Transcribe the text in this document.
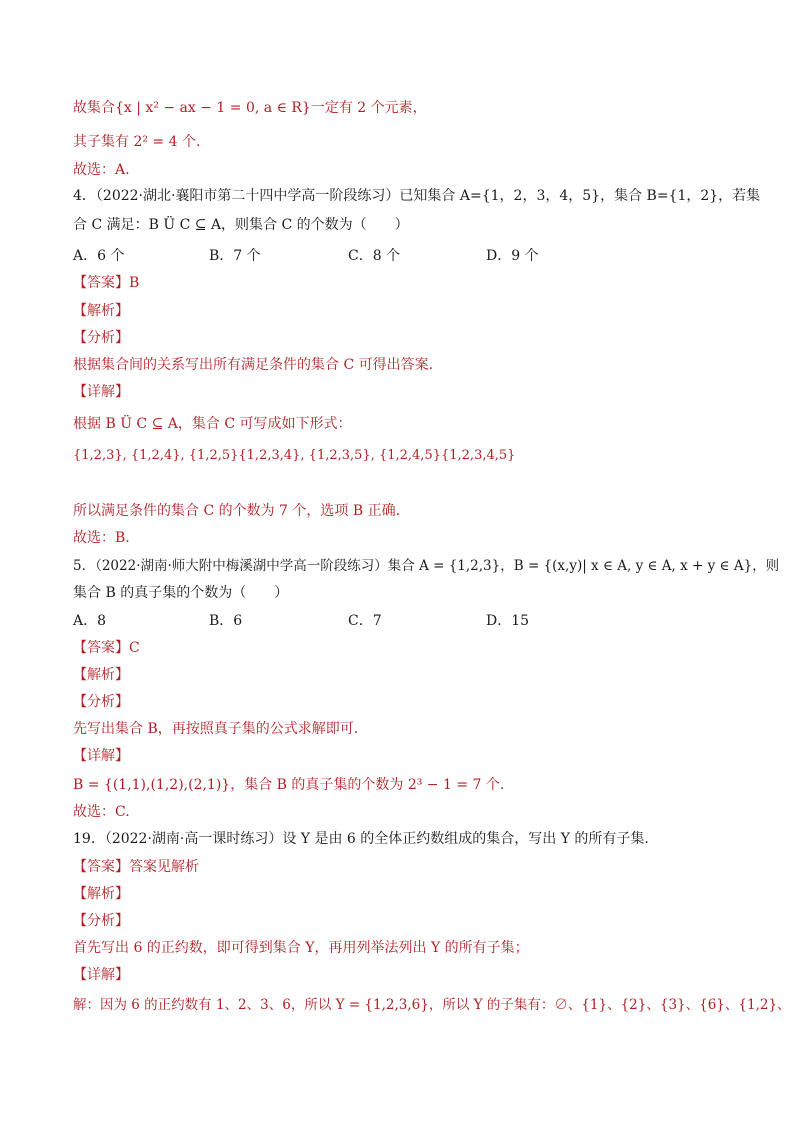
故集合{x | x² − ax − 1 = 0, a ∈ R}一定有 2 个元素，
其子集有 2² = 4 个.
故选：A.
4．（2022·湖北·襄阳市第二十四中学高一阶段练习）已知集合 A={1，2，3，4，5}，集合 B={1，2}，若集
合 C 满足：B Ü C ⊆ A，则集合 C 的个数为（　　）
A．6 个	B．7 个	C．8 个	D．9 个
【答案】B
【解析】
【分析】
根据集合间的关系写出所有满足条件的集合 C 可得出答案.
【详解】
根据 B Ü C ⊆ A，集合 C 可写成如下形式：
{1,2,3}, {1,2,4}, {1,2,5}{1,2,3,4}, {1,2,3,5}, {1,2,4,5}{1,2,3,4,5}
所以满足条件的集合 C 的个数为 7 个，选项 B 正确.
故选：B.
5．（2022·湖南·师大附中梅溪湖中学高一阶段练习）集合 A = {1,2,3}，B = {(x,y)| x ∈ A, y ∈ A, x + y ∈ A}，则
集合 B 的真子集的个数为（　　）
A．8	B．6	C．7	D．15
【答案】C
【解析】
【分析】
先写出集合 B，再按照真子集的公式求解即可.
【详解】
B = {(1,1),(1,2),(2,1)}，集合 B 的真子集的个数为 2³ − 1 = 7 个.
故选：C.
19．（2022·湖南·高一课时练习）设 Y 是由 6 的全体正约数组成的集合，写出 Y 的所有子集.
【答案】答案见解析
【解析】
【分析】
首先写出 6 的正约数，即可得到集合 Y，再用列举法列出 Y 的所有子集；
【详解】
解：因为 6 的正约数有 1、2、3、6，所以 Y = {1,2,3,6}，所以 Y 的子集有：∅、{1}、{2}、{3}、{6}、{1,2}、
